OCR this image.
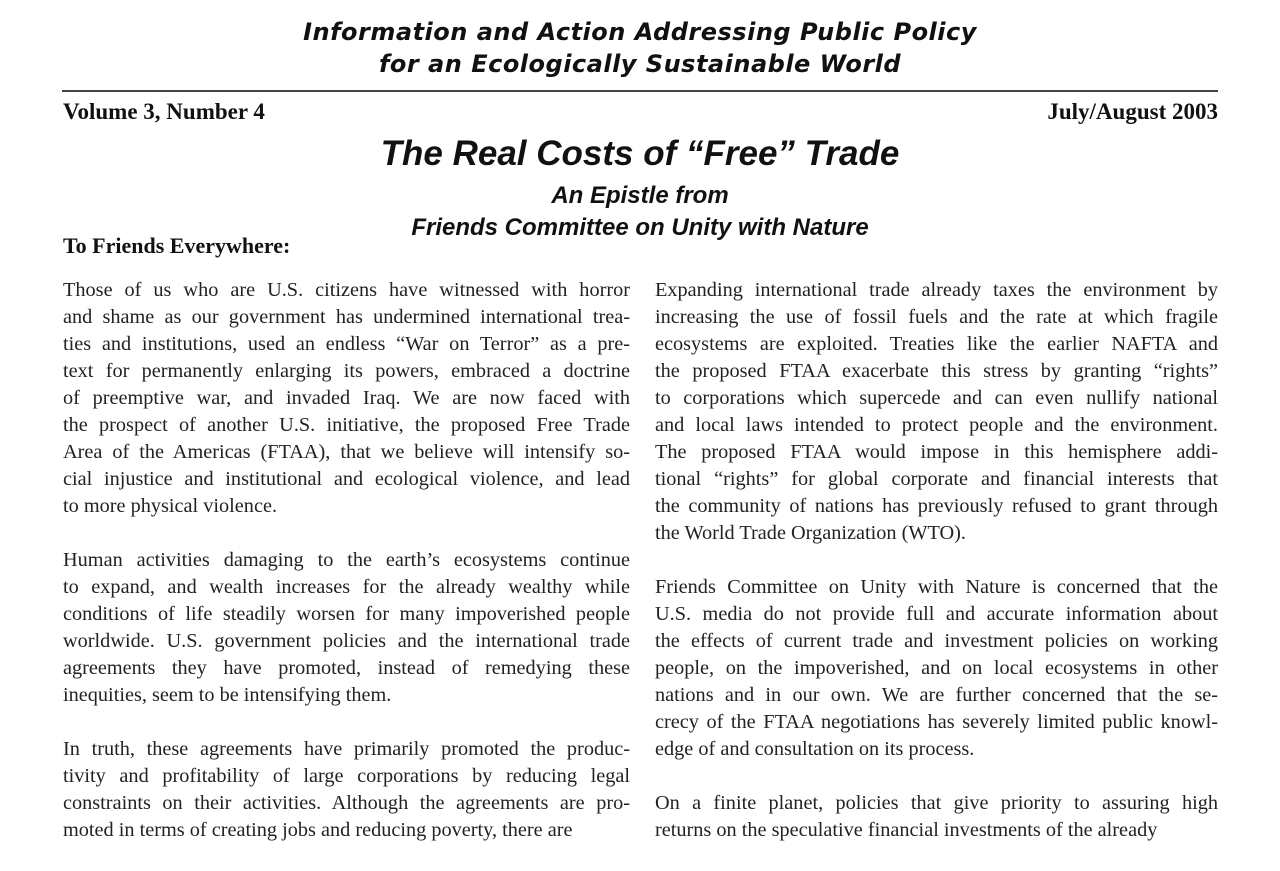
Information and Action Addressing Public Policy
for an Ecologically Sustainable World
Volume 3, Number 4	July/August 2003
The Real Costs of “Free” Trade
An Epistle from
Friends Committee on Unity with Nature
To Friends Everywhere:
Those of us who are U.S. citizens have witnessed with horror
and shame as our government has undermined international trea-
ties and institutions, used an endless “War on Terror” as a pre-
text for permanently enlarging its powers, embraced a doctrine
of preemptive war, and invaded Iraq. We are now faced with
the prospect of another U.S. initiative, the proposed Free Trade
Area of the Americas (FTAA), that we believe will intensify so-
cial injustice and institutional and ecological violence, and lead
to more physical violence.
Human activities damaging to the earth’s ecosystems continue
to expand, and wealth increases for the already wealthy while
conditions of life steadily worsen for many impoverished people
worldwide. U.S. government policies and the international trade
agreements they have promoted, instead of remedying these
inequities, seem to be intensifying them.
In truth, these agreements have primarily promoted the produc-
tivity and profitability of large corporations by reducing legal
constraints on their activities. Although the agreements are pro-
moted in terms of creating jobs and reducing poverty, there are
Expanding international trade already taxes the environment by
increasing the use of fossil fuels and the rate at which fragile
ecosystems are exploited. Treaties like the earlier NAFTA and
the proposed FTAA exacerbate this stress by granting “rights”
to corporations which supercede and can even nullify national
and local laws intended to protect people and the environment.
The proposed FTAA would impose in this hemisphere addi-
tional “rights” for global corporate and financial interests that
the community of nations has previously refused to grant through
the World Trade Organization (WTO).
Friends Committee on Unity with Nature is concerned that the
U.S. media do not provide full and accurate information about
the effects of current trade and investment policies on working
people, on the impoverished, and on local ecosystems in other
nations and in our own. We are further concerned that the se-
crecy of the FTAA negotiations has severely limited public knowl-
edge of and consultation on its process.
On a finite planet, policies that give priority to assuring high
returns on the speculative financial investments of the already
